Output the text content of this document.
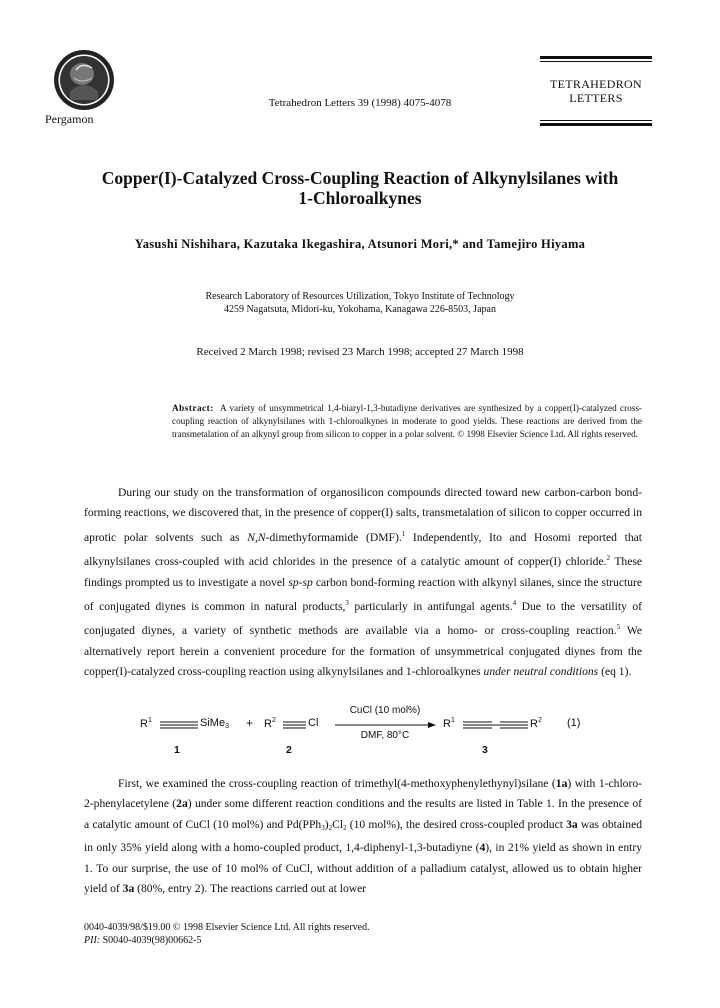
Pergamon
Tetrahedron Letters 39 (1998) 4075-4078
TETRAHEDRON
LETTERS
Copper(I)-Catalyzed Cross-Coupling Reaction of Alkynylsilanes with
1-Chloroalkynes
Yasushi Nishihara, Kazutaka Ikegashira, Atsunori Mori,* and Tamejiro Hiyama
Research Laboratory of Resources Utilization, Tokyo Institute of Technology
4259 Nagatsuta, Midori-ku, Yokohama, Kanagawa 226-8503, Japan
Received 2 March 1998; revised 23 March 1998; accepted 27 March 1998
Abstract: A variety of unsymmetrical 1,4-biaryl-1,3-butadiyne derivatives are synthesized by a copper(I)-catalyzed cross-coupling reaction of alkynylsilanes with 1-chloroalkynes in moderate to good yields. These reactions are derived from the transmetalation of an alkynyl group from silicon to copper in a polar solvent. © 1998 Elsevier Science Ltd. All rights reserved.
During our study on the transformation of organosilicon compounds directed toward new carbon-carbon bond-forming reactions, we discovered that, in the presence of copper(I) salts, transmetalation of silicon to copper occurred in aprotic polar solvents such as N,N-dimethyformamide (DMF).$^1$ Independently, Ito and Hosomi reported that alkynylsilanes cross-coupled with acid chlorides in the presence of a catalytic amount of copper(I) chloride.$^2$ These findings prompted us to investigate a novel sp-sp carbon bond-forming reaction with alkynyl silanes, since the structure of conjugated diynes is common in natural products,$^3$ particularly in antifungal agents.$^4$ Due to the versatility of conjugated diynes, a variety of synthetic methods are available via a homo- or cross-coupling reaction.$^5$ We alternatively report herein a convenient procedure for the formation of unsymmetrical conjugated diynes from the copper(I)-catalyzed cross-coupling reaction using alkynylsilanes and 1-chloroalkynes under neutral conditions (eq 1).
$R^1$	SiMe$_3$ + $R^2$	Cl
CuCl (10 mol%)
DMF, 80°C
$R^1$	$R^2$ (1)
1	2	3
First, we examined the cross-coupling reaction of trimethyl(4-methoxyphenylethynyl)silane (1a) with 1-chloro-2-phenylacetylene (2a) under some different reaction conditions and the results are listed in Table 1. In the presence of a catalytic amount of CuCl (10 mol%) and $Pd(PPh_3)_2Cl_2$ (10 mol%), the desired cross-coupled product 3a was obtained in only 35% yield along with a homo-coupled product, 1,4-diphenyl-1,3-butadiyne (4), in 21% yield as shown in entry 1. To our surprise, the use of 10 mol% of CuCl, without addition of a palladium catalyst, allowed us to obtain higher yield of 3a (80%, entry 2). The reactions carried out at lower
0040-4039/98/$19.00 © 1998 Elsevier Science Ltd. All rights reserved.
PII: S0040-4039(98)00662-5
